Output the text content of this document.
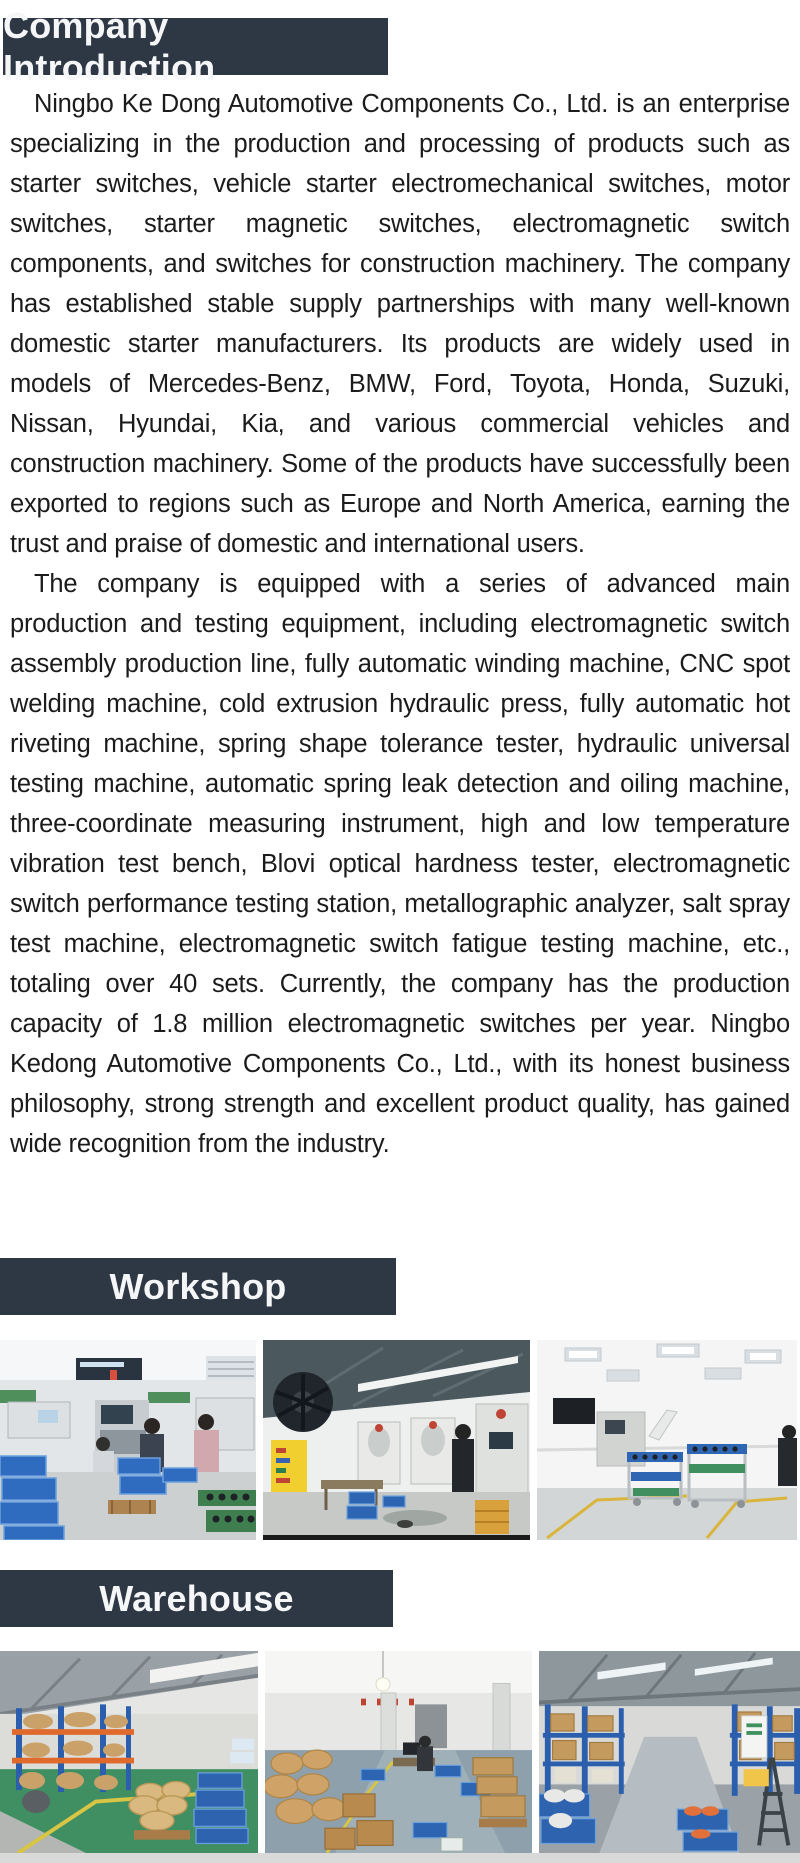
Company Introduction

Ningbo Ke Dong Automotive Components Co., Ltd. is an enterprise specializing in the production and processing of products such as starter switches, vehicle starter electromechanical switches, motor switches, starter magnetic switches, electromagnetic switch components, and switches for construction machinery. The company has established stable supply partnerships with many well-known domestic starter manufacturers. Its products are widely used in models of Mercedes-Benz, BMW, Ford, Toyota, Honda, Suzuki, Nissan, Hyundai, Kia, and various commercial vehicles and construction machinery. Some of the products have successfully been exported to regions such as Europe and North America, earning the trust and praise of domestic and international users.

The company is equipped with a series of advanced main production and testing equipment, including electromagnetic switch assembly production line, fully automatic winding machine, CNC spot welding machine, cold extrusion hydraulic press, fully automatic hot riveting machine, spring shape tolerance tester, hydraulic universal testing machine, automatic spring leak detection and oiling machine, three-coordinate measuring instrument, high and low temperature vibration test bench, Blovi optical hardness tester, electromagnetic switch performance testing station, metallographic analyzer, salt spray test machine, electromagnetic switch fatigue testing machine, etc., totaling over 40 sets. Currently, the company has the production capacity of 1.8 million electromagnetic switches per year. Ningbo Kedong Automotive Components Co., Ltd., with its honest business philosophy, strong strength and excellent product quality, has gained wide recognition from the industry.

Workshop
Warehouse
